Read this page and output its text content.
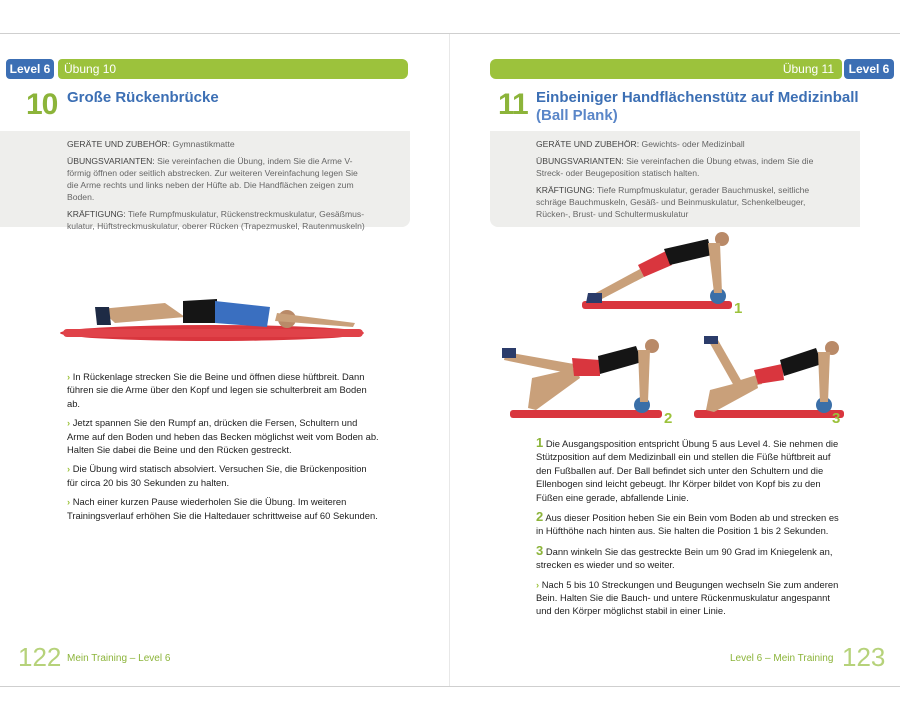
Level 6	Übung 10
10 Große Rückenbrücke

GERÄTE UND ZUBEHÖR: Gymnastikmatte

ÜBUNGSVARIANTEN: Sie vereinfachen die Übung, indem Sie die Arme V-förmig öffnen oder seitlich abstrecken. Zur weiteren Vereinfachung legen Sie die Arme rechts und links neben der Hüfte ab. Die Handflächen zeigen zum Boden.

KRÄFTIGUNG: Tiefe Rumpfmuskulatur, Rückenstreckmuskulatur, Gesäßmus-kulatur, Hüftstreckmuskulatur, oberer Rücken (Trapezmuskel, Rautenmuskeln)

› In Rückenlage strecken Sie die Beine und öffnen diese hüftbreit. Dann führen sie die Arme über den Kopf und legen sie schulterbreit am Boden ab.

› Jetzt spannen Sie den Rumpf an, drücken die Fersen, Schultern und Arme auf den Boden und heben das Becken möglichst weit vom Boden ab. Halten Sie dabei die Beine und den Rücken gestreckt.

› Die Übung wird statisch absolviert. Versuchen Sie, die Brückenposition für circa 20 bis 30 Sekunden zu halten.

› Nach einer kurzen Pause wiederholen Sie die Übung. Im weiteren Trainingsverlauf erhöhen Sie die Haltedauer schrittweise auf 60 Sekunden.

122 Mein Training – Level 6
Übung 11	Level 6
11 Einbeiniger Handflächenstütz auf Medizinball
(Ball Plank)

GERÄTE UND ZUBEHÖR: Gewichts- oder Medizinball

ÜBUNGSVARIANTEN: Sie vereinfachen die Übung etwas, indem Sie die Streck- oder Beugeposition statisch halten.

KRÄFTIGUNG: Tiefe Rumpfmuskulatur, gerader Bauchmuskel, seitliche schräge Bauchmuskeln, Gesäß- und Beinmuskulatur, Schenkelbeuger, Rücken-, Brust- und Schultermuskulatur

1
2	3

1 Die Ausgangsposition entspricht Übung 5 aus Level 4. Sie nehmen die Stützposition auf dem Medizinball ein und stellen die Füße hüftbreit auf den Fußballen auf. Der Ball befindet sich unter den Schultern und die Ellenbogen sind leicht gebeugt. Ihr Körper bildet von Kopf bis zu den Füßen eine gerade, abfallende Linie.

2 Aus dieser Position heben Sie ein Bein vom Boden ab und strecken es in Hüfthöhe nach hinten aus. Sie halten die Position 1 bis 2 Sekunden.

3 Dann winkeln Sie das gestreckte Bein um 90 Grad im Kniegelenk an, strecken es wieder und so weiter.

› Nach 5 bis 10 Streckungen und Beugungen wechseln Sie zum anderen Bein. Halten Sie die Bauch- und untere Rückenmuskulatur angespannt und den Körper möglichst stabil in einer Linie.

Level 6 – Mein Training 123
